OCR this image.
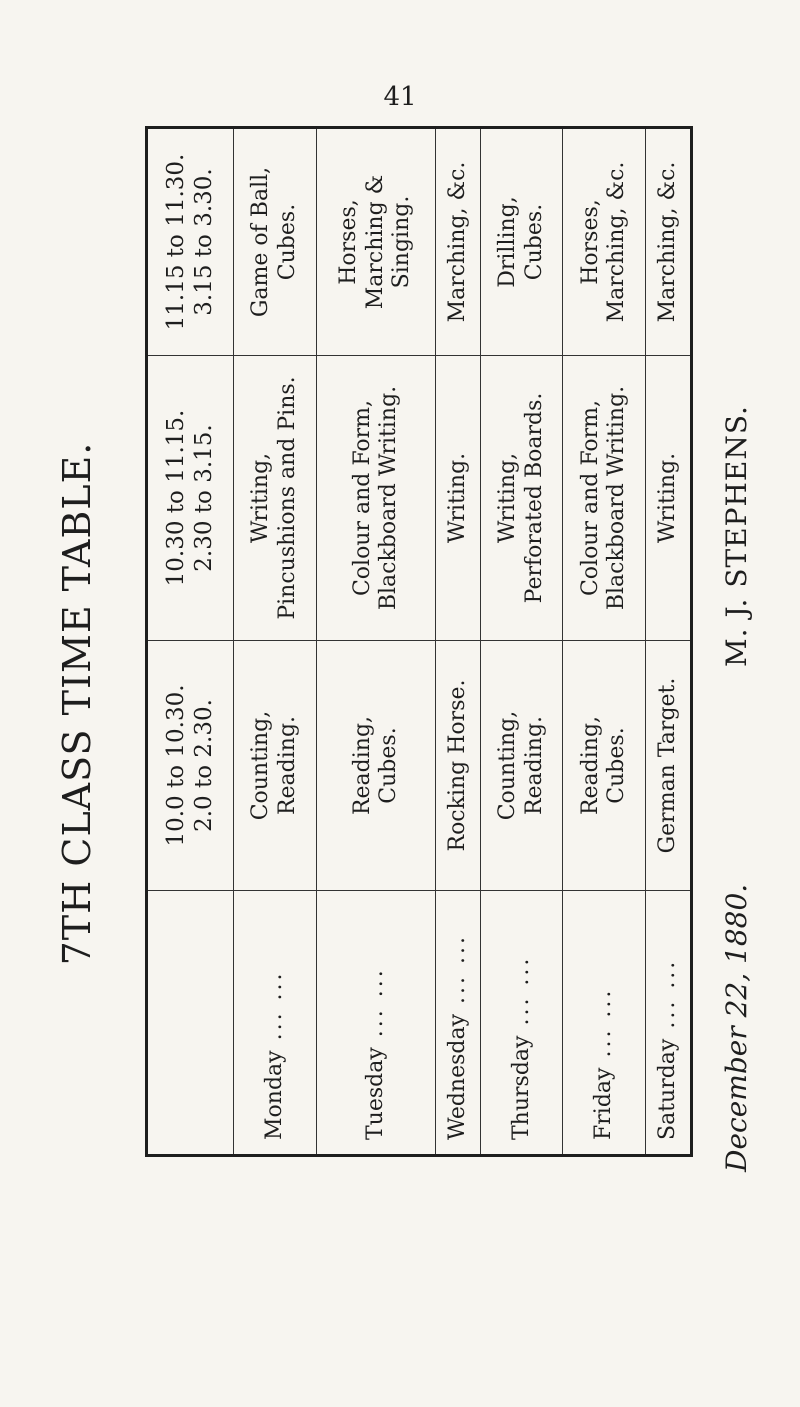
41
7TH CLASS TIME TABLE.

	10.0 to 10.30. 2.0 to 2.30.	10.30 to 11.15. 2.30 to 3.15.	11.15 to 11.30. 3.15 to 3.30.

Monday... ...	Counting, Reading.	Writing, Pincushions and Pins.	Game of Ball, Cubes.

Tuesday... ...	Reading, Cubes.	Colour and Form, Blackboard Writing.	Horses, Marching & Singing.

Wednesday... ...	Rocking Horse.	Writing.	Marching, &c.

Thursday... ...	Counting, Reading.	Writing, Perforated Boards.	Drilling, Cubes.

Friday... ...	Reading, Cubes.	Colour and Form, Blackboard Writing.	Horses, Marching, &c.

Saturday... ...	German Target.	Writing.	Marching, &c.
December 22, 1880.
M. J. STEPHENS.
